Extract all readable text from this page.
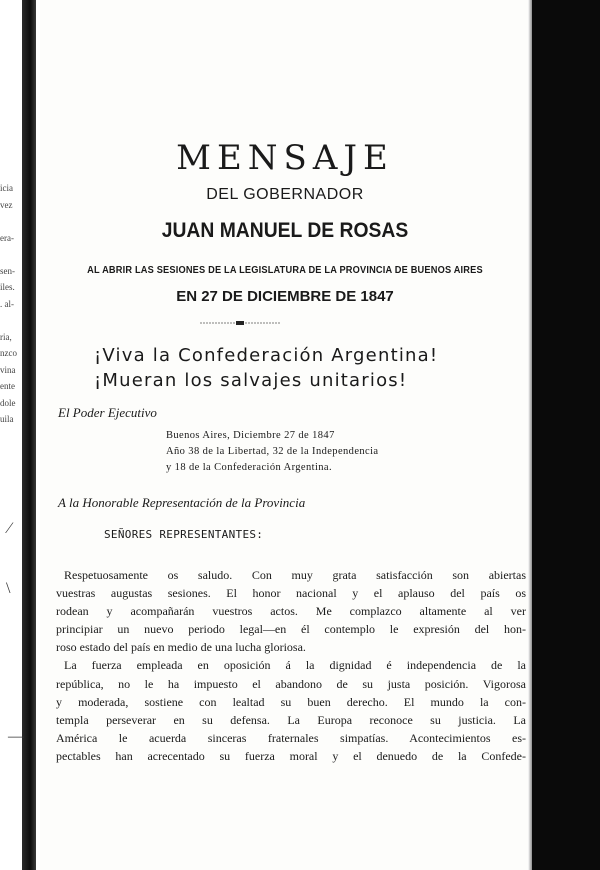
icia
vez
era-
sen-
iles.
. al-
ria,
nzco
vina
ente
dole
uila
⁄
\
—
MENSAJE
DEL GOBERNADOR
JUAN MANUEL DE ROSAS
AL ABRIR LAS SESIONES DE LA LEGISLATURA DE LA PROVINCIA DE BUENOS AIRES
EN 27 DE DICIEMBRE DE 1847
¡Viva la Confederación Argentina!
¡Mueran los salvajes unitarios!
El Poder Ejecutivo
Buenos Aires, Diciembre 27 de 1847
Año 38 de la Libertad, 32 de la Independencia
y 18 de la Confederación Argentina.
A la Honorable Representación de la Provincia
SEÑORES REPRESENTANTES:
Respetuosamente os saludo. Con muy grata satisfacción son abiertas
vuestras augustas sesiones. El honor nacional y el aplauso del país os
rodean y acompañarán vuestros actos. Me complazco altamente al ver
principiar un nuevo periodo legal—en él contemplo le expresión del hon-
roso estado del país en medio de una lucha gloriosa.
La fuerza empleada en oposición á la dignidad é independencia de la
república, no le ha impuesto el abandono de su justa posición. Vigorosa
y moderada, sostiene con lealtad su buen derecho. El mundo la con-
templa perseverar en su defensa. La Europa reconoce su justicia. La
América le acuerda sinceras fraternales simpatías. Acontecimientos es-
pectables han acrecentado su fuerza moral y el denuedo de la Confede-
